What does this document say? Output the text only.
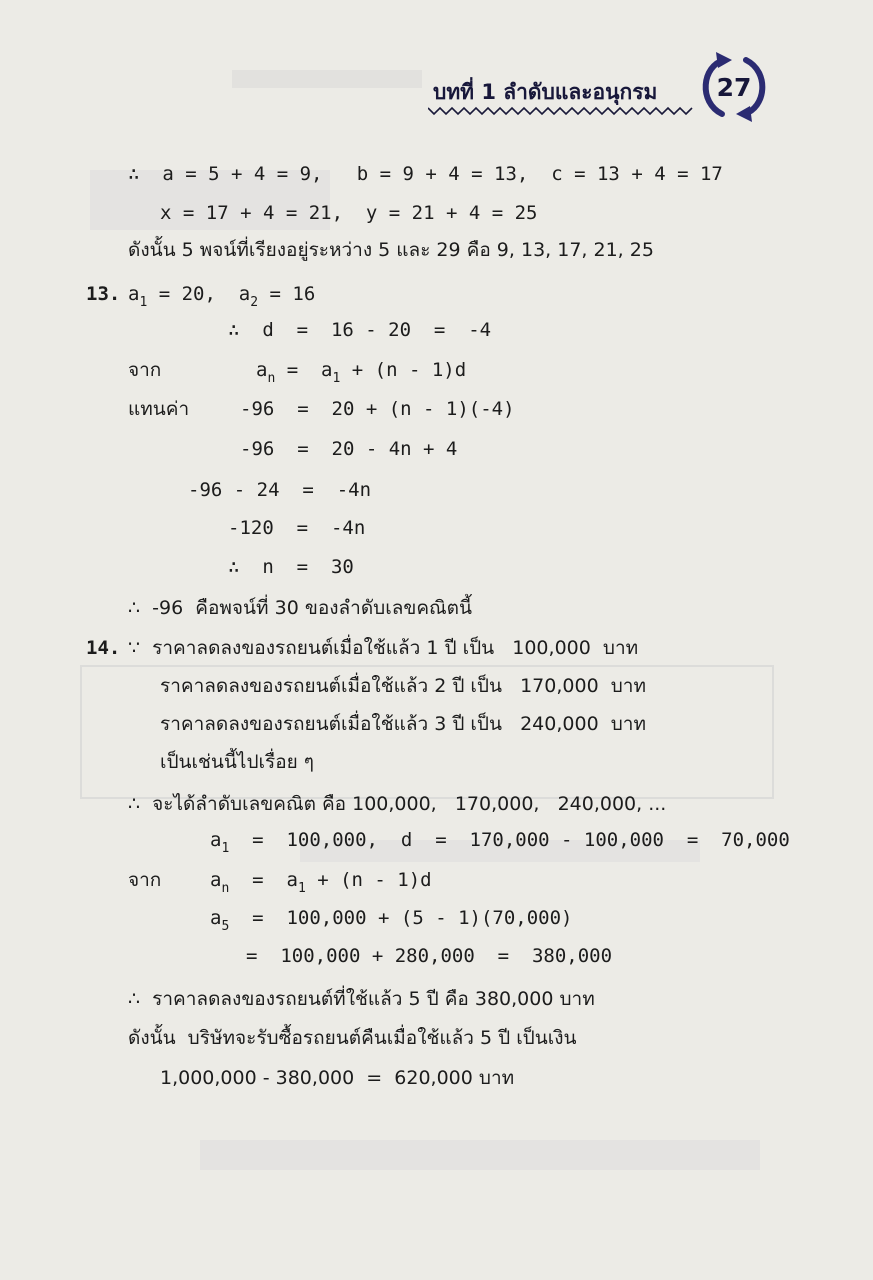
บทที่ 1 ลำดับและอนุกรม	27
∴  a = 5 + 4 = 9,   b = 9 + 4 = 13,  c = 13 + 4 = 17
x = 17 + 4 = 21,  y = 21 + 4 = 25
ดังนั้น 5 พจน์ที่เรียงอยู่ระหว่าง 5 และ 29 คือ 9, 13, 17, 21, 25
13. $a_1 = 20$,  $a_2 = 16$
∴  d  =  16 - 20  =  -4
จาก	$a_n = a_1 + (n - 1)d$
แทนค่า	-96  =  20 + (n - 1)(-4)
-96  =  20 - 4n + 4
-96 - 24  =  -4n
-120  =  -4n
∴  n  =  30
∴  -96  คือพจน์ที่ 30 ของลำดับเลขคณิตนี้
14. ∵  ราคาลดลงของรถยนต์เมื่อใช้แล้ว 1 ปี เป็น   100,000  บาท
ราคาลดลงของรถยนต์เมื่อใช้แล้ว 2 ปี เป็น   170,000  บาท
ราคาลดลงของรถยนต์เมื่อใช้แล้ว 3 ปี เป็น   240,000  บาท
เป็นเช่นนี้ไปเรื่อย ๆ
∴  จะได้ลำดับเลขคณิต คือ 100,000,   170,000,   240,000, ...
$a_1 = 100,000$,  d  =  170,000 - 100,000  =  70,000
จาก	$a_n = a_1 + (n - 1)d$
$a_5 = 100,000 + (5 - 1)(70,000)$
=  100,000 + 280,000  =  380,000
∴  ราคาลดลงของรถยนต์ที่ใช้แล้ว 5 ปี คือ 380,000 บาท
ดังนั้น  บริษัทจะรับซื้อรถยนต์คืนเมื่อใช้แล้ว 5 ปี เป็นเงิน
1,000,000 - 380,000  =  620,000 บาท
